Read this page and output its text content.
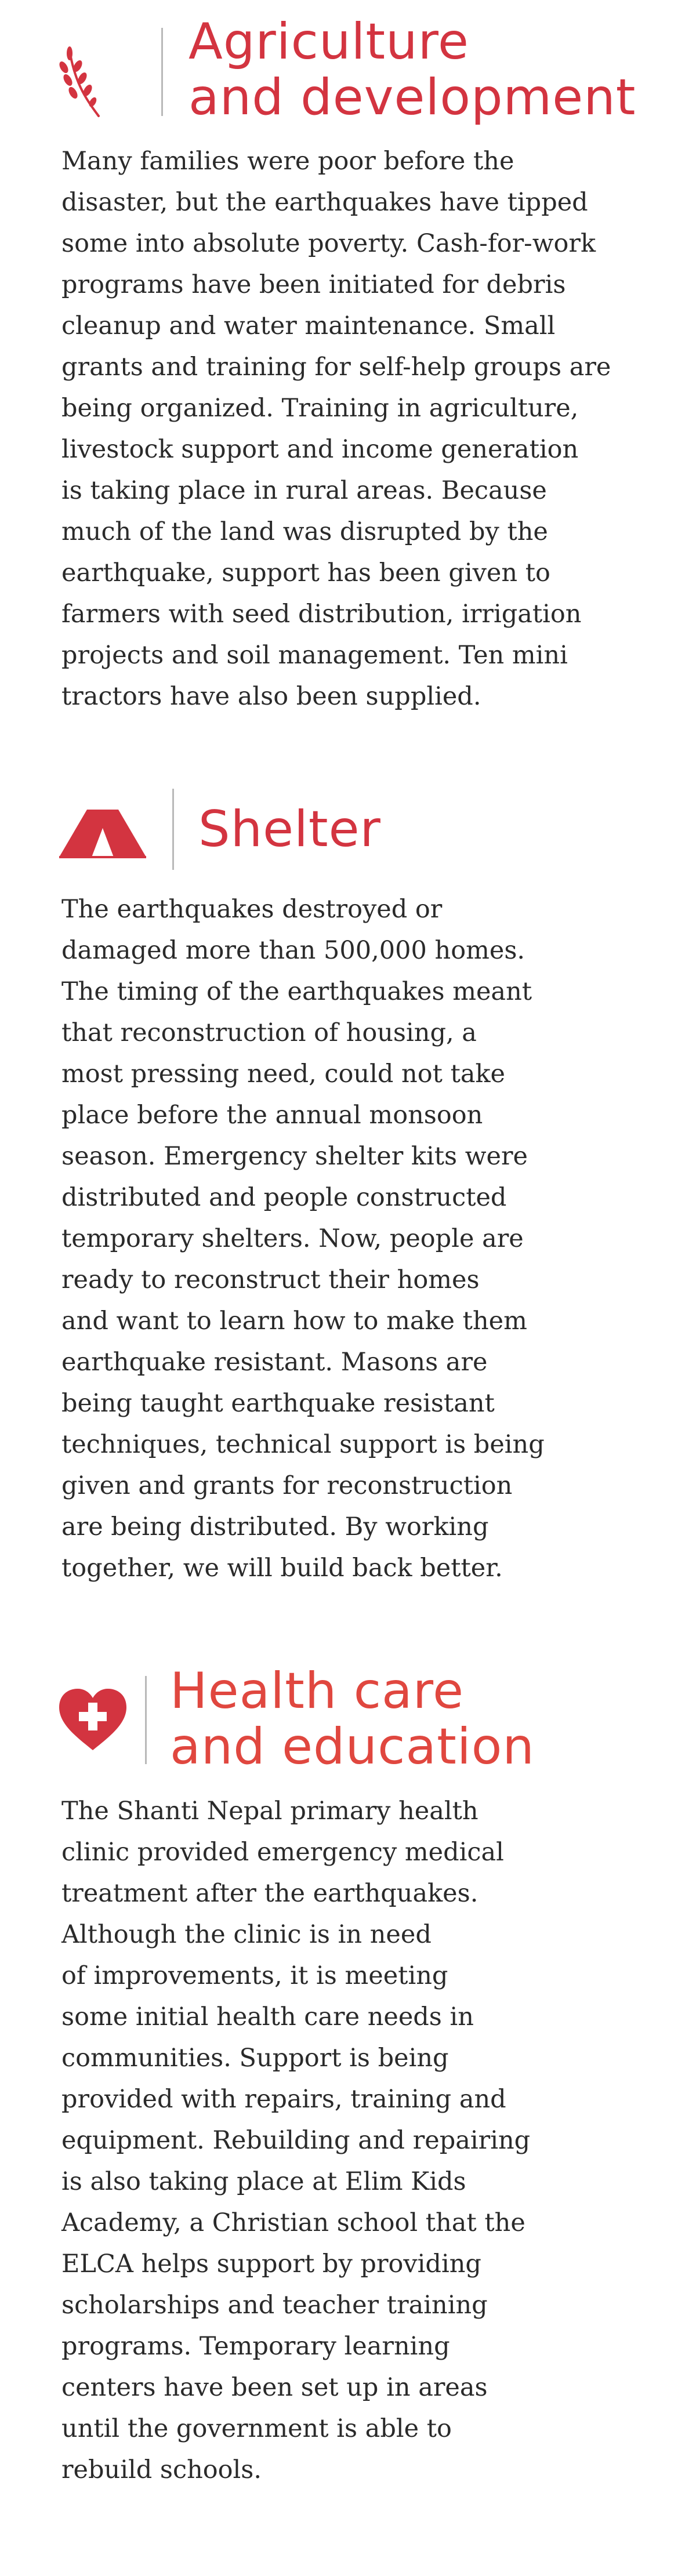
Agriculture
and development

Many families were poor before the
disaster, but the earthquakes have tipped
some into absolute poverty. Cash-for-work
programs have been initiated for debris
cleanup and water maintenance. Small
grants and training for self-help groups are
being organized. Training in agriculture,
livestock support and income generation
is taking place in rural areas. Because
much of the land was disrupted by the
earthquake, support has been given to
farmers with seed distribution, irrigation
projects and soil management. Ten mini
tractors have also been supplied.

Shelter

The earthquakes destroyed or
damaged more than 500,000 homes.
The timing of the earthquakes meant
that reconstruction of housing, a
most pressing need, could not take
place before the annual monsoon
season. Emergency shelter kits were
distributed and people constructed
temporary shelters. Now, people are
ready to reconstruct their homes
and want to learn how to make them
earthquake resistant. Masons are
being taught earthquake resistant
techniques, technical support is being
given and grants for reconstruction
are being distributed. By working
together, we will build back better.

Health care
and education

The Shanti Nepal primary health
clinic provided emergency medical
treatment after the earthquakes.
Although the clinic is in need
of improvements, it is meeting
some initial health care needs in
communities. Support is being
provided with repairs, training and
equipment. Rebuilding and repairing
is also taking place at Elim Kids
Academy, a Christian school that the
ELCA helps support by providing
scholarships and teacher training
programs. Temporary learning
centers have been set up in areas
until the government is able to
rebuild schools.
